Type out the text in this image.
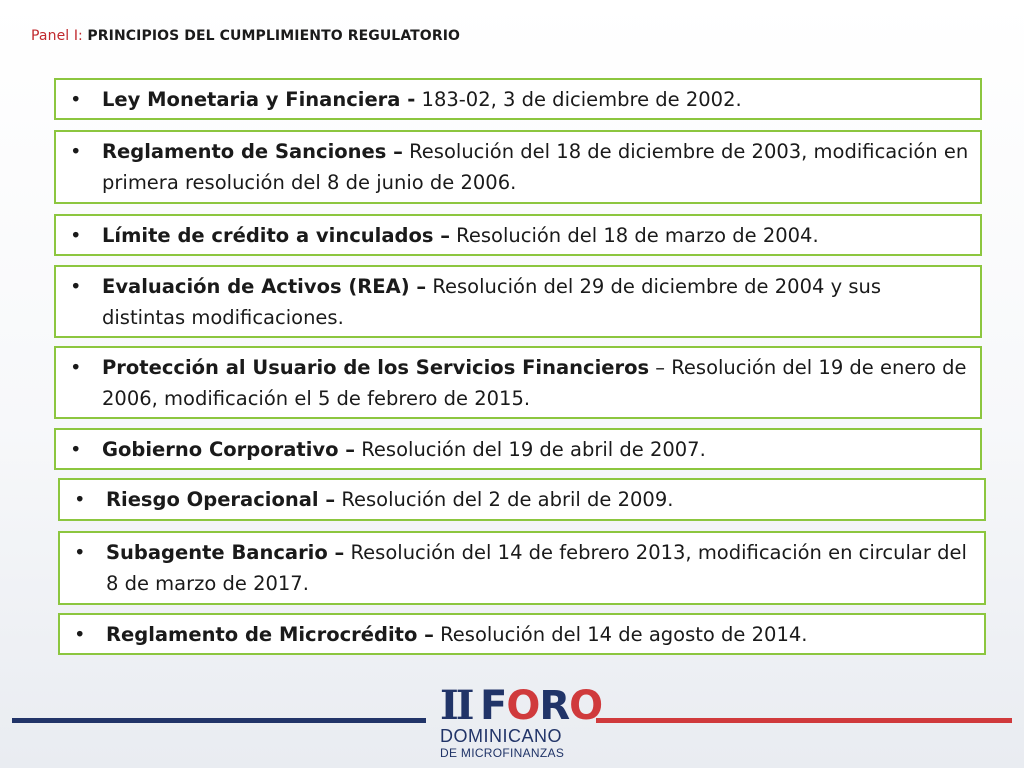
Panel I: PRINCIPIOS DEL CUMPLIMIENTO REGULATORIO
• Ley Monetaria y Financiera - 183-02, 3 de diciembre de 2002.
• Reglamento de Sanciones – Resolución del 18 de diciembre de 2003, modificación en primera resolución del 8 de junio de 2006.
• Límite de crédito a vinculados – Resolución del 18 de marzo de 2004.
• Evaluación de Activos (REA) – Resolución del 29 de diciembre de 2004 y sus distintas modificaciones.
• Protección al Usuario de los Servicios Financieros – Resolución del 19 de enero de 2006, modificación el 5 de febrero de 2015.
• Gobierno Corporativo – Resolución del 19 de abril de 2007.
• Riesgo Operacional – Resolución del 2 de abril de 2009.
• Subagente Bancario – Resolución del 14 de febrero 2013, modificación en circular del 8 de marzo de 2017.
• Reglamento de Microcrédito – Resolución del 14 de agosto de 2014.
II FORO
DOMINICANO
DE MICROFINANZAS
